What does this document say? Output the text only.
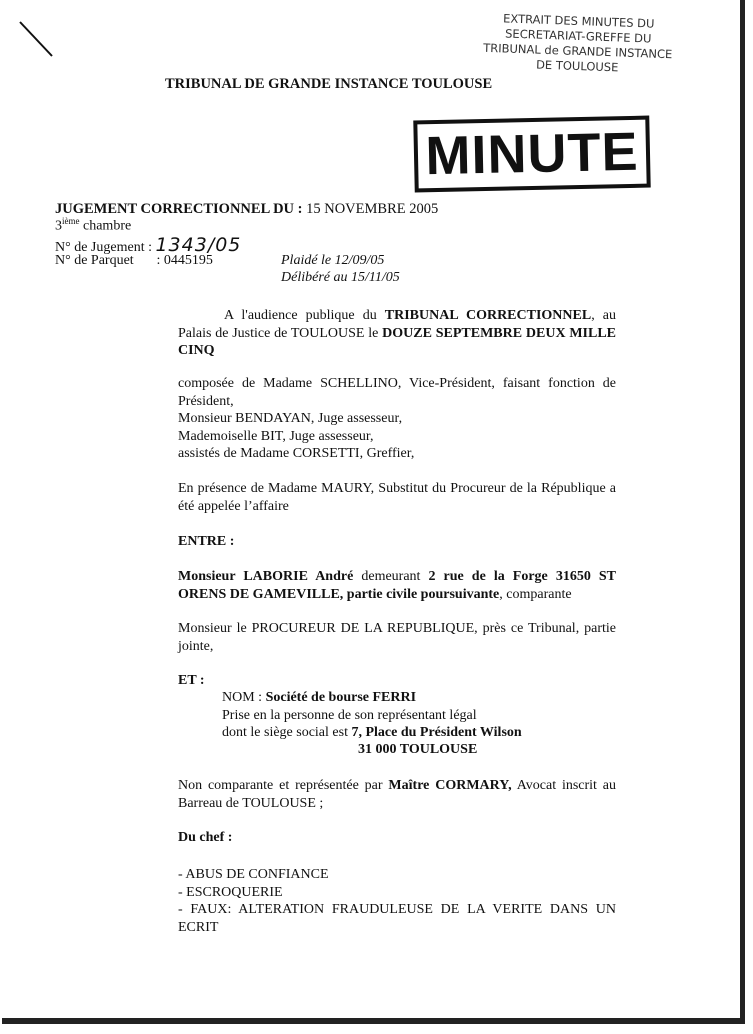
EXTRAIT DES MINUTES DU
SECRETARIAT-GREFFE DU
TRIBUNAL de GRANDE INSTANCE
DE TOULOUSE
TRIBUNAL DE GRANDE INSTANCE TOULOUSE
MINUTE
JUGEMENT CORRECTIONNEL DU : 15 NOVEMBRE 2005
3ième chambre
N° de Jugement : 1343/05
N° de Parquet : 0445195	Plaidé le 12/09/05
Délibéré au 15/11/05
A l'audience publique du TRIBUNAL CORRECTIONNEL, au Palais de Justice de TOULOUSE le DOUZE SEPTEMBRE DEUX MILLE CINQ
composée de Madame SCHELLINO, Vice-Président, faisant fonction de Président,
Monsieur BENDAYAN, Juge assesseur,
Mademoiselle BIT, Juge assesseur,
assistés de Madame CORSETTI, Greffier,
En présence de Madame MAURY, Substitut du Procureur de la République a été appelée l’affaire
ENTRE :
Monsieur LABORIE André demeurant 2 rue de la Forge 31650 ST ORENS DE GAMEVILLE, partie civile poursuivante, comparante
Monsieur le PROCUREUR DE LA REPUBLIQUE, près ce Tribunal, partie jointe,
ET :
NOM : Société de bourse FERRI
Prise en la personne de son représentant légal
dont le siège social est 7, Place du Président Wilson
31 000 TOULOUSE
Non comparante et représentée par Maître CORMARY, Avocat inscrit au Barreau de TOULOUSE ;
Du chef :
- ABUS DE CONFIANCE
- ESCROQUERIE
- FAUX: ALTERATION FRAUDULEUSE DE LA VERITE DANS UN ECRIT
